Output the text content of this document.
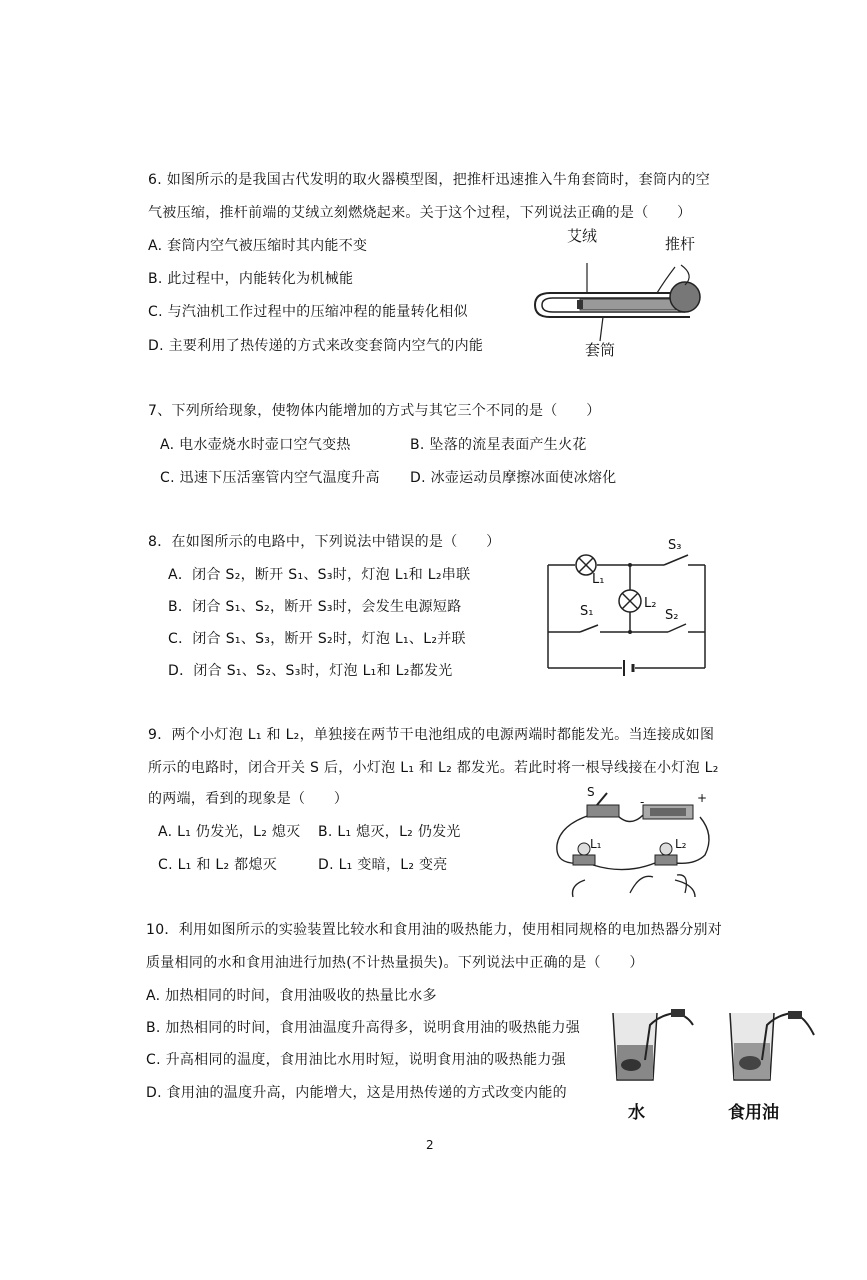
6. 如图所示的是我国古代发明的取火器模型图，把推杆迅速推入牛角套筒时，套筒内的空
气被压缩，推杆前端的艾绒立刻燃烧起来。关于这个过程，下列说法正确的是（　　）
A. 套筒内空气被压缩时其内能不变
B. 此过程中，内能转化为机械能
C. 与汽油机工作过程中的压缩冲程的能量转化相似
D. 主要利用了热传递的方式来改变套筒内空气的内能
艾绒	推杆
套筒
7、下列所给现象，使物体内能增加的方式与其它三个不同的是（　　）
A. 电水壶烧水时壶口空气变热	B. 坠落的流星表面产生火花
C. 迅速下压活塞管内空气温度升高 D. 冰壶运动员摩擦冰面使冰熔化
8．在如图所示的电路中，下列说法中错误的是（　　）
A．闭合 S₂，断开 S₁、S₃时，灯泡 L₁和 L₂串联
B．闭合 S₁、S₂，断开 S₃时，会发生电源短路
C．闭合 S₁、S₃，断开 S₂时，灯泡 L₁、L₂并联
D．闭合 S₁、S₂、S₃时，灯泡 L₁和 L₂都发光
L₁
L₂
S₃
S₁	S₂
9．两个小灯泡 L₁ 和 L₂，单独接在两节干电池组成的电源两端时都能发光。当连接成如图
所示的电路时，闭合开关 S 后，小灯泡 L₁ 和 L₂ 都发光。若此时将一根导线接在小灯泡 L₂
的两端，看到的现象是（　　）
A. L₁ 仍发光，L₂ 熄灭 B. L₁ 熄灭，L₂ 仍发光
C. L₁ 和 L₂ 都熄灭	D. L₁ 变暗，L₂ 变亮
S
-	+
L₁	L₂
10．利用如图所示的实验装置比较水和食用油的吸热能力，使用相同规格的电加热器分别对
质量相同的水和食用油进行加热(不计热量损失)。下列说法中正确的是（　　）
A. 加热相同的时间，食用油吸收的热量比水多
B. 加热相同的时间，食用油温度升高得多，说明食用油的吸热能力强
C. 升高相同的温度，食用油比水用时短，说明食用油的吸热能力强
D. 食用油的温度升高，内能增大，这是用热传递的方式改变内能的
水	食用油
2
